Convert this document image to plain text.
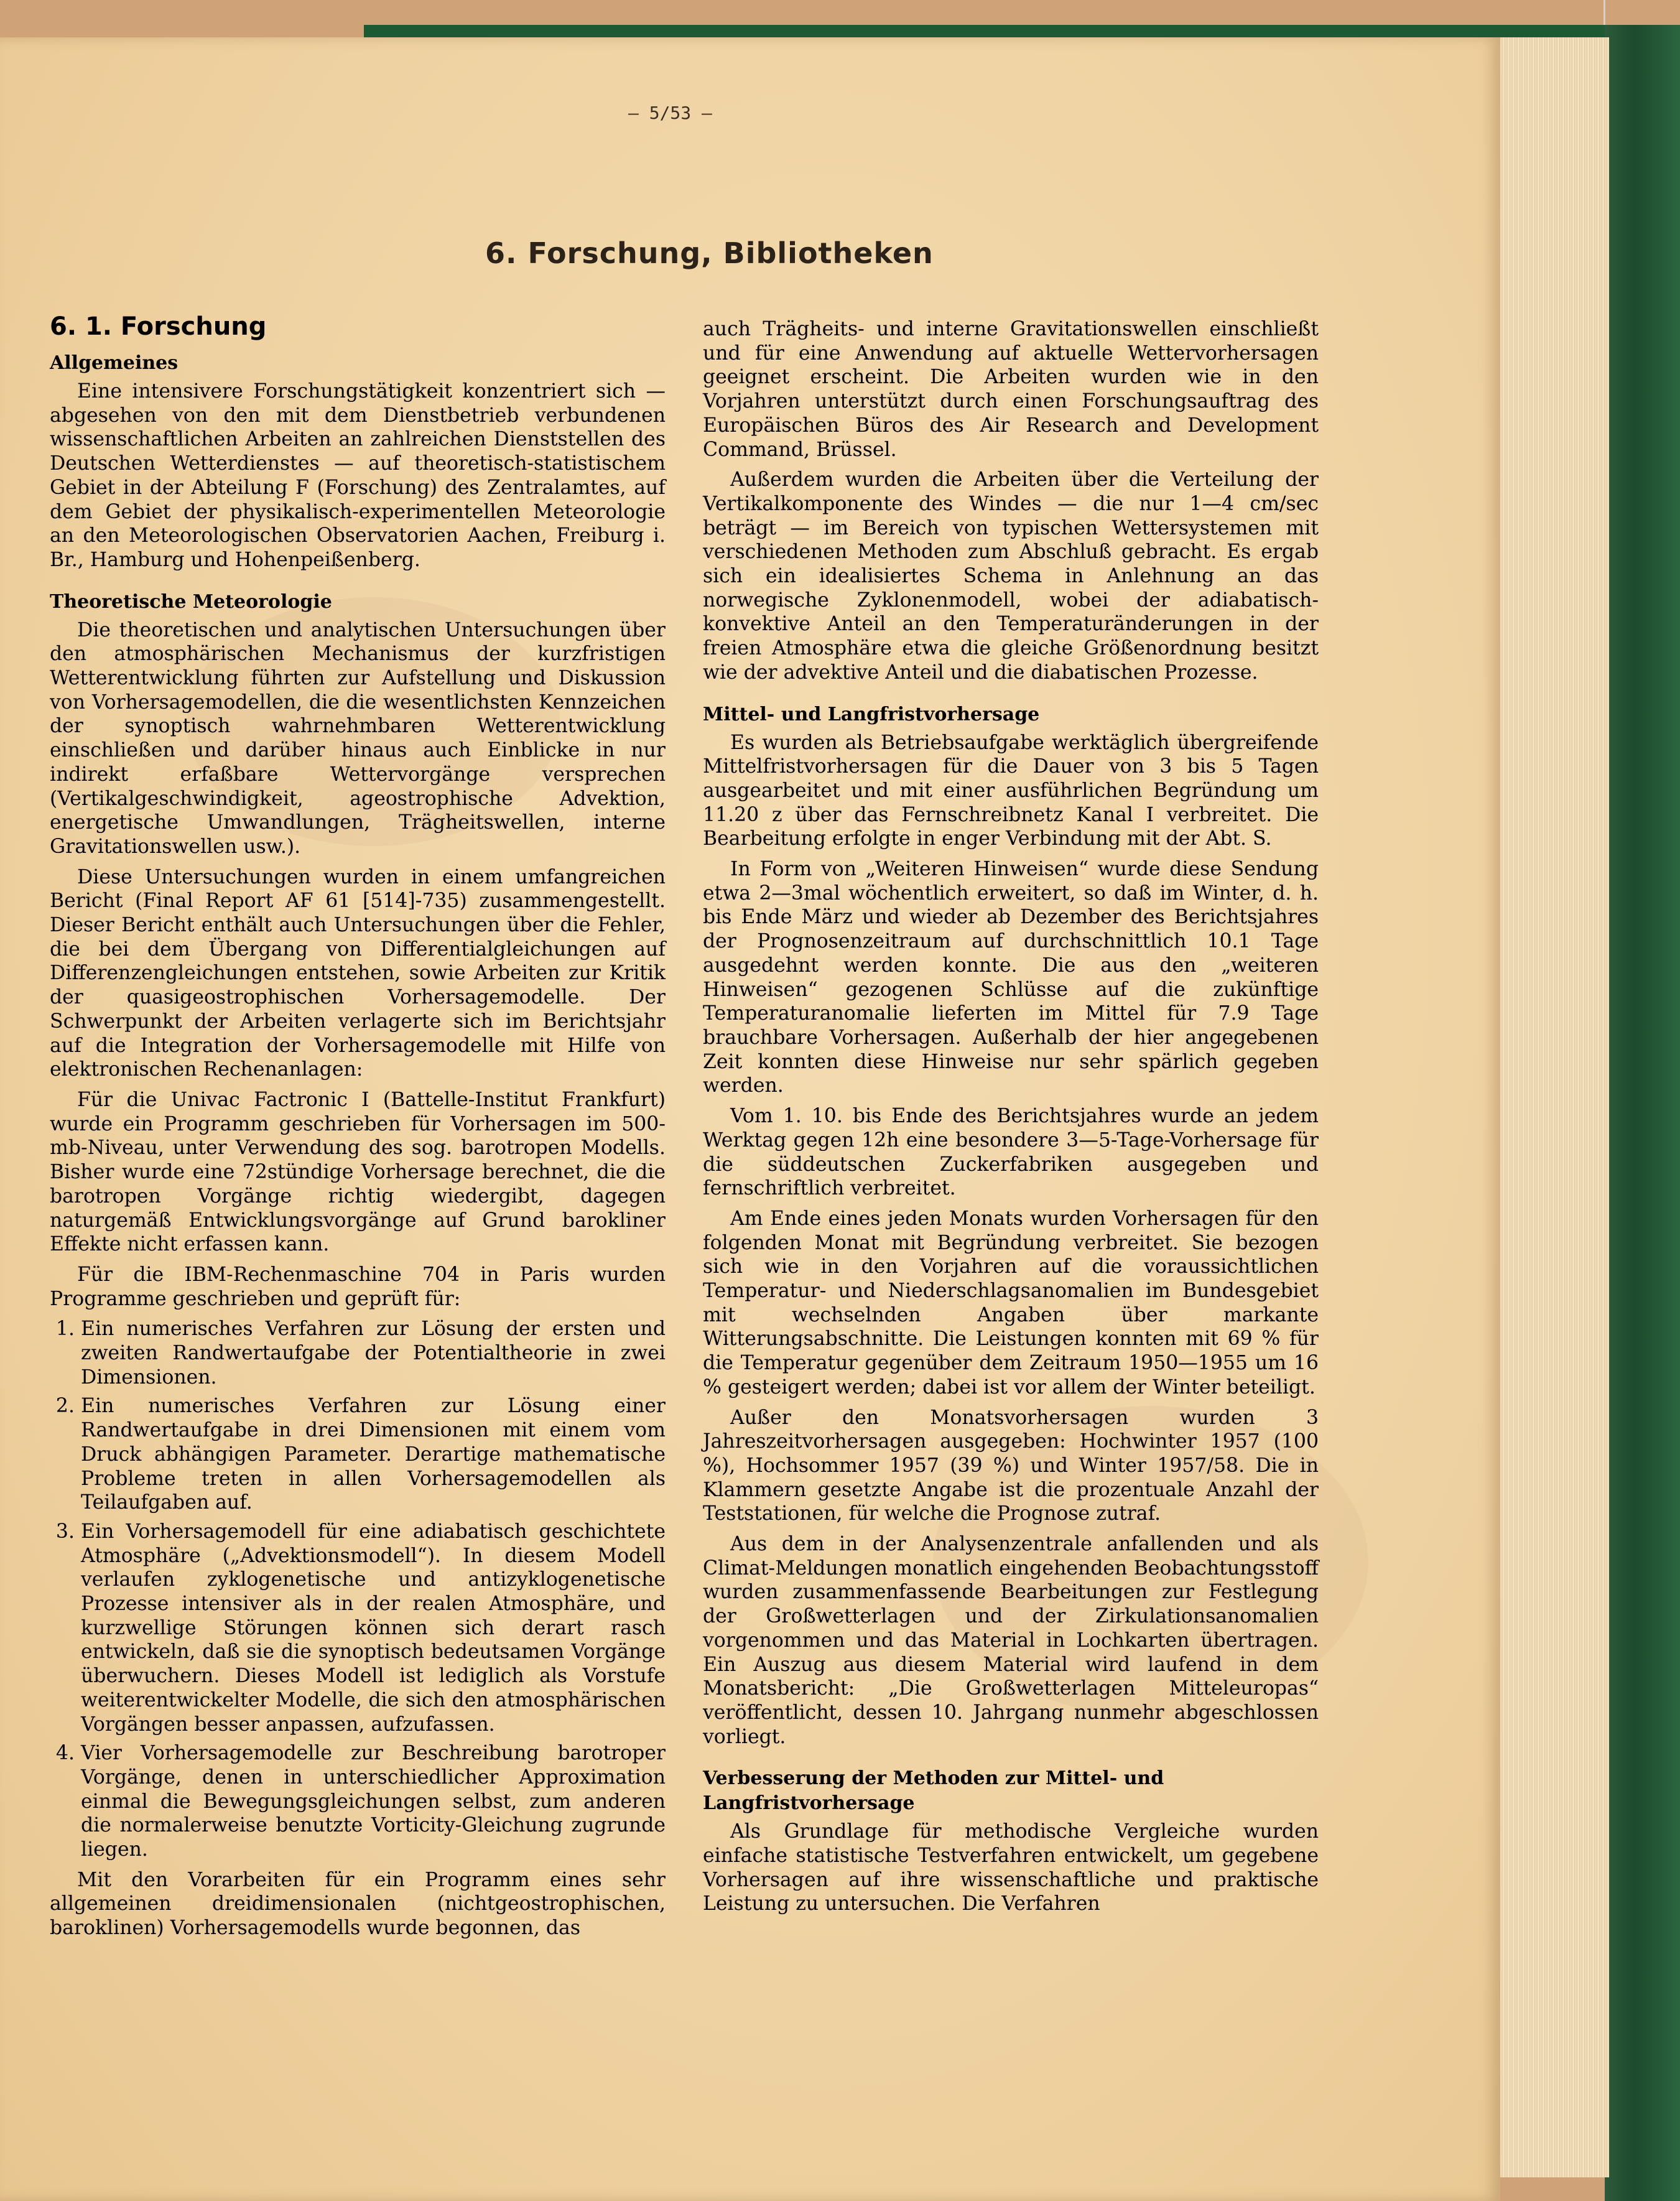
— 5/53 —
6. Forschung, Bibliotheken
6. 1. Forschung
Allgemeines

Eine intensivere Forschungstätigkeit konzentriert sich — abgesehen von den mit dem Dienstbetrieb verbundenen wissenschaftlichen Arbeiten an zahlreichen Dienststellen des Deutschen Wetterdienstes — auf theoretisch-statistischem Gebiet in der Abteilung F (Forschung) des Zentralamtes, auf dem Gebiet der physikalisch-experimentellen Meteorologie an den Meteorologischen Observatorien Aachen, Freiburg i. Br., Hamburg und Hohenpeißenberg.

Theoretische Meteorologie

Die theoretischen und analytischen Untersuchungen über den atmosphärischen Mechanismus der kurzfristigen Wetterentwicklung führten zur Aufstellung und Diskussion von Vorhersagemodellen, die die wesentlichsten Kennzeichen der synoptisch wahrnehmbaren Wetterentwicklung einschließen und darüber hinaus auch Einblicke in nur indirekt erfaßbare Wettervorgänge versprechen (Vertikalgeschwindigkeit, ageostrophische Advektion, energetische Umwandlungen, Trägheitswellen, interne Gravitationswellen usw.).

Diese Untersuchungen wurden in einem umfangreichen Bericht (Final Report AF 61 [514]-735) zusammengestellt. Dieser Bericht enthält auch Untersuchungen über die Fehler, die bei dem Übergang von Differentialgleichungen auf Differenzengleichungen entstehen, sowie Arbeiten zur Kritik der quasigeostrophischen Vorhersagemodelle. Der Schwerpunkt der Arbeiten verlagerte sich im Berichtsjahr auf die Integration der Vorhersagemodelle mit Hilfe von elektronischen Rechenanlagen:

Für die Univac Factronic I (Battelle-Institut Frankfurt) wurde ein Programm geschrieben für Vorhersagen im 500-mb-Niveau, unter Verwendung des sog. barotropen Modells. Bisher wurde eine 72stündige Vorhersage berechnet, die die barotropen Vorgänge richtig wiedergibt, dagegen naturgemäß Entwicklungsvorgänge auf Grund barokliner Effekte nicht erfassen kann.

Für die IBM-Rechenmaschine 704 in Paris wurden Programme geschrieben und geprüft für:

1. Ein numerisches Verfahren zur Lösung der ersten und zweiten Randwertaufgabe der Potentialtheorie in zwei Dimensionen.
2. Ein numerisches Verfahren zur Lösung einer Randwertaufgabe in drei Dimensionen mit einem vom Druck abhängigen Parameter. Derartige mathematische Probleme treten in allen Vorhersagemodellen als Teilaufgaben auf.
3. Ein Vorhersagemodell für eine adiabatisch geschichtete Atmosphäre („Advektionsmodell“). In diesem Modell verlaufen zyklogenetische und antizyklogenetische Prozesse intensiver als in der realen Atmosphäre, und kurzwellige Störungen können sich derart rasch entwickeln, daß sie die synoptisch bedeutsamen Vorgänge überwuchern. Dieses Modell ist lediglich als Vorstufe weiterentwickelter Modelle, die sich den atmosphärischen Vorgängen besser anpassen, aufzufassen.
4. Vier Vorhersagemodelle zur Beschreibung barotroper Vorgänge, denen in unterschiedlicher Approximation einmal die Bewegungsgleichungen selbst, zum anderen die normalerweise benutzte Vorticity-Gleichung zugrunde liegen.

Mit den Vorarbeiten für ein Programm eines sehr allgemeinen dreidimensionalen (nichtgeostrophischen, baroklinen) Vorhersagemodells wurde begonnen, das

auch Trägheits- und interne Gravitationswellen einschließt und für eine Anwendung auf aktuelle Wettervorhersagen geeignet erscheint. Die Arbeiten wurden wie in den Vorjahren unterstützt durch einen Forschungsauftrag des Europäischen Büros des Air Research and Development Command, Brüssel.

Außerdem wurden die Arbeiten über die Verteilung der Vertikalkomponente des Windes — die nur 1—4 cm/sec beträgt — im Bereich von typischen Wettersystemen mit verschiedenen Methoden zum Abschluß gebracht. Es ergab sich ein idealisiertes Schema in Anlehnung an das norwegische Zyklonenmodell, wobei der adiabatisch-konvektive Anteil an den Temperaturänderungen in der freien Atmosphäre etwa die gleiche Größenordnung besitzt wie der advektive Anteil und die diabatischen Prozesse.

Mittel- und Langfristvorhersage

Es wurden als Betriebsaufgabe werktäglich übergreifende Mittelfristvorhersagen für die Dauer von 3 bis 5 Tagen ausgearbeitet und mit einer ausführlichen Begründung um 11.20 z über das Fernschreibnetz Kanal I verbreitet. Die Bearbeitung erfolgte in enger Verbindung mit der Abt. S.

In Form von „Weiteren Hinweisen“ wurde diese Sendung etwa 2—3mal wöchentlich erweitert, so daß im Winter, d. h. bis Ende März und wieder ab Dezember des Berichtsjahres der Prognosenzeitraum auf durchschnittlich 10.1 Tage ausgedehnt werden konnte. Die aus den „weiteren Hinweisen“ gezogenen Schlüsse auf die zukünftige Temperaturanomalie lieferten im Mittel für 7.9 Tage brauchbare Vorhersagen. Außerhalb der hier angegebenen Zeit konnten diese Hinweise nur sehr spärlich gegeben werden.

Vom 1. 10. bis Ende des Berichtsjahres wurde an jedem Werktag gegen 12h eine besondere 3—5-Tage-Vorhersage für die süddeutschen Zuckerfabriken ausgegeben und fernschriftlich verbreitet.

Am Ende eines jeden Monats wurden Vorhersagen für den folgenden Monat mit Begründung verbreitet. Sie bezogen sich wie in den Vorjahren auf die voraussichtlichen Temperatur- und Niederschlagsanomalien im Bundesgebiet mit wechselnden Angaben über markante Witterungsabschnitte. Die Leistungen konnten mit 69 % für die Temperatur gegenüber dem Zeitraum 1950—1955 um 16 % gesteigert werden; dabei ist vor allem der Winter beteiligt.

Außer den Monatsvorhersagen wurden 3 Jahreszeitvorhersagen ausgegeben: Hochwinter 1957 (100 %), Hochsommer 1957 (39 %) und Winter 1957/58. Die in Klammern gesetzte Angabe ist die prozentuale Anzahl der Teststationen, für welche die Prognose zutraf.

Aus dem in der Analysenzentrale anfallenden und als Climat-Meldungen monatlich eingehenden Beobachtungsstoff wurden zusammenfassende Bearbeitungen zur Festlegung der Großwetterlagen und der Zirkulationsanomalien vorgenommen und das Material in Lochkarten übertragen. Ein Auszug aus diesem Material wird laufend in dem Monatsbericht: „Die Großwetterlagen Mitteleuropas“ veröffentlicht, dessen 10. Jahrgang nunmehr abgeschlossen vorliegt.

Verbesserung der Methoden zur Mittel- und Langfristvorhersage

Als Grundlage für methodische Vergleiche wurden einfache statistische Testverfahren entwickelt, um gegebene Vorhersagen auf ihre wissenschaftliche und praktische Leistung zu untersuchen. Die Verfahren
